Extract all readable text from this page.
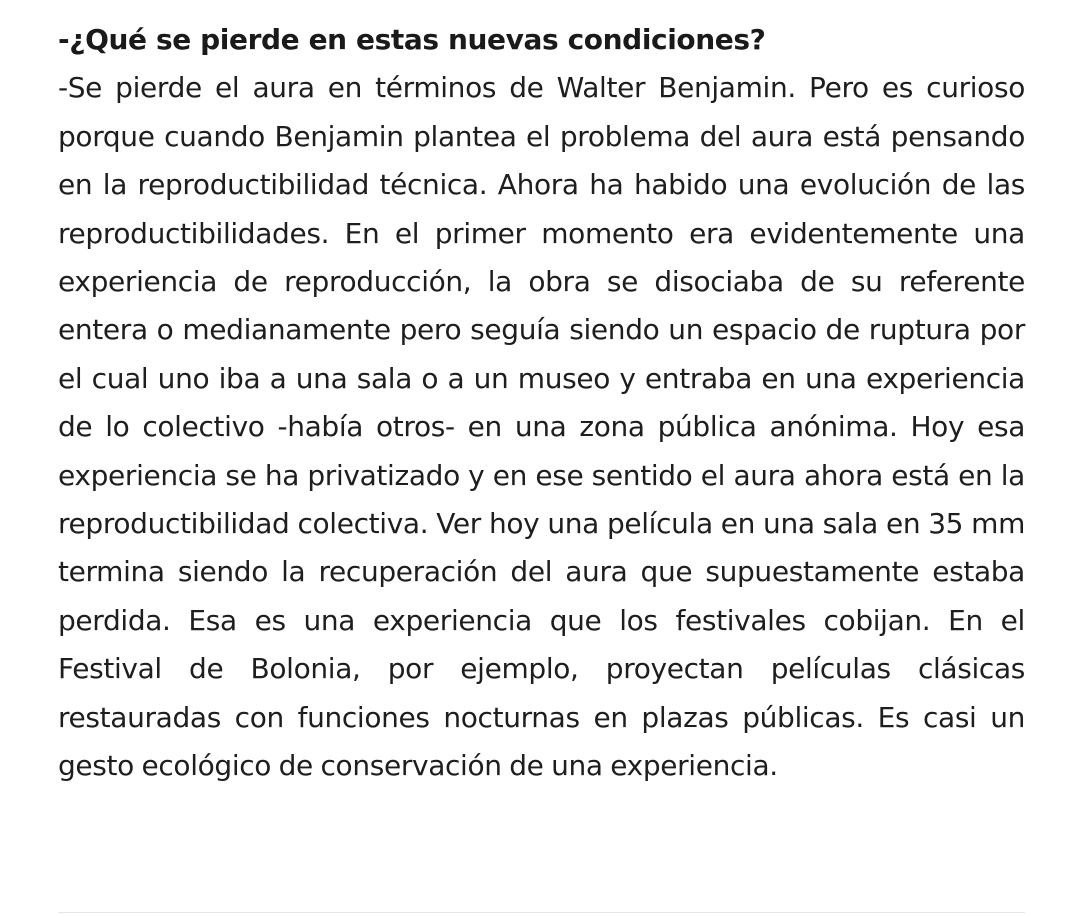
-¿Qué se pierde en estas nuevas condiciones?

-Se pierde el aura en términos de Walter Benjamin. Pero es curioso porque cuando Benjamin plantea el problema del aura está pensando en la reproductibilidad técnica. Ahora ha habido una evolución de las reproductibilidades. En el primer momento era evidentemente una experiencia de reproducción, la obra se disociaba de su referente entera o medianamente pero seguía siendo un espacio de ruptura por el cual uno iba a una sala o a un museo y entraba en una experiencia de lo colectivo -había otros- en una zona pública anónima. Hoy esa experiencia se ha privatizado y en ese sentido el aura ahora está en la reproductibilidad colectiva. Ver hoy una película en una sala en 35 mm termina siendo la recuperación del aura que supuestamente estaba perdida. Esa es una experiencia que los festivales cobijan. En el Festival de Bolonia, por ejemplo, proyectan películas clásicas restauradas con funciones nocturnas en plazas públicas. Es casi un gesto ecológico de conservación de una experiencia.
